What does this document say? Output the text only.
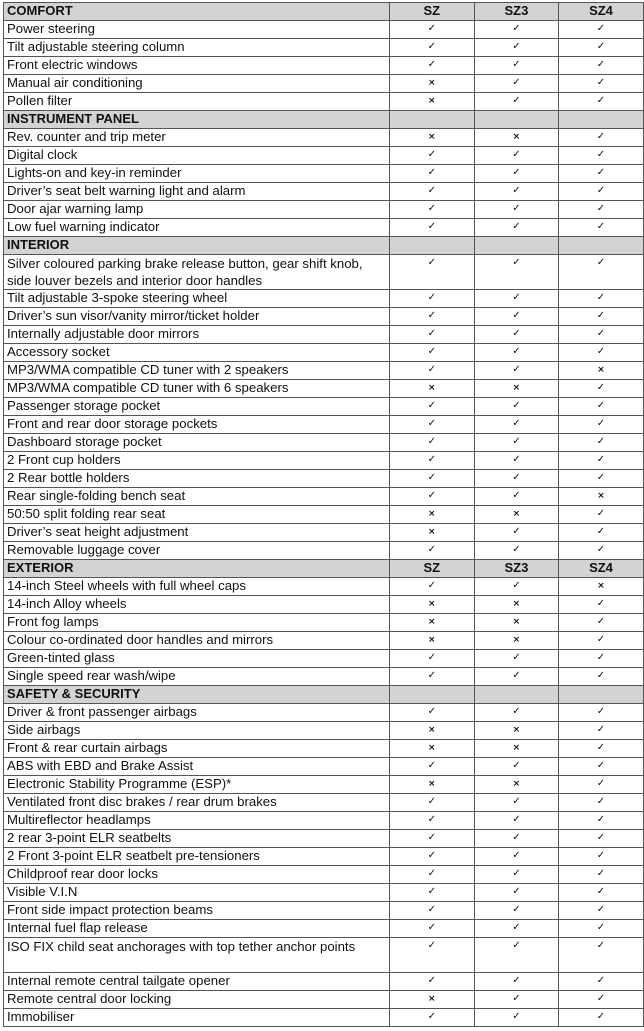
COMFORT	SZ	SZ3	SZ4
Power steering	✓	✓	✓
Tilt adjustable steering column	✓	✓	✓
Front electric windows	✓	✓	✓
Manual air conditioning	×	✓	✓
Pollen filter	×	✓	✓
INSTRUMENT PANEL			
Rev. counter and trip meter	×	×	✓
Digital clock	✓	✓	✓
Lights-on and key-in reminder	✓	✓	✓
Driver’s seat belt warning light and alarm	✓	✓	✓
Door ajar warning lamp	✓	✓	✓
Low fuel warning indicator	✓	✓	✓
INTERIOR			
Silver coloured parking brake release button, gear shift knob, side louver bezels and interior door handles	✓	✓	✓
Tilt adjustable 3-spoke steering wheel	✓	✓	✓
Driver’s sun visor/vanity mirror/ticket holder	✓	✓	✓
Internally adjustable door mirrors	✓	✓	✓
Accessory socket	✓	✓	✓
MP3/WMA compatible CD tuner with 2 speakers	✓	✓	×
MP3/WMA compatible CD tuner with 6 speakers	×	×	✓
Passenger storage pocket	✓	✓	✓
Front and rear door storage pockets	✓	✓	✓
Dashboard storage pocket	✓	✓	✓
2 Front cup holders	✓	✓	✓
2 Rear bottle holders	✓	✓	✓
Rear single-folding bench seat	✓	✓	×
50:50 split folding rear seat	×	×	✓
Driver’s seat height adjustment	×	✓	✓
Removable luggage cover	✓	✓	✓
EXTERIOR	SZ	SZ3	SZ4
14-inch Steel wheels with full wheel caps	✓	✓	×
14-inch Alloy wheels	×	×	✓
Front fog lamps	×	×	✓
Colour co-ordinated door handles and mirrors	×	×	✓
Green-tinted glass	✓	✓	✓
Single speed rear wash/wipe	✓	✓	✓
SAFETY & SECURITY			
Driver & front passenger airbags	✓	✓	✓
Side airbags	×	×	✓
Front & rear curtain airbags	×	×	✓
ABS with EBD and Brake Assist	✓	✓	✓
Electronic Stability Programme (ESP)*	×	×	✓
Ventilated front disc brakes / rear drum brakes	✓	✓	✓
Multireflector headlamps	✓	✓	✓
2 rear 3-point ELR seatbelts	✓	✓	✓
2 Front 3-point ELR seatbelt pre-tensioners	✓	✓	✓
Childproof rear door locks	✓	✓	✓
Visible V.I.N	✓	✓	✓
Front side impact protection beams	✓	✓	✓
Internal fuel flap release	✓	✓	✓
ISO FIX child seat anchorages with top tether anchor points	✓	✓	✓
Internal remote central tailgate opener	✓	✓	✓
Remote central door locking	×	✓	✓
Immobiliser	✓	✓	✓
